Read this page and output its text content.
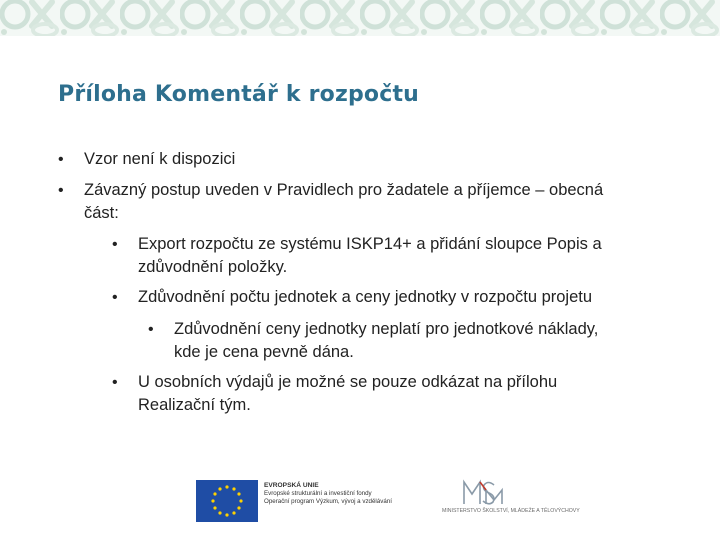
Příloha Komentář k rozpočtu
• Vzor není k dispozici
• Závazný postup uveden v Pravidlech pro žadatele a příjemce – obecná
část:
• Export rozpočtu ze systému ISKP14+ a přidání sloupce Popis a
zdůvodnění položky.
• Zdůvodnění počtu jednotek a ceny jednotky v rozpočtu projetu
• Zdůvodnění ceny jednotky neplatí pro jednotkové náklady,
kde je cena pevně dána.
• U osobních výdajů je možné se pouze odkázat na přílohu
Realizační tým.
EVROPSKÁ UNIE
Evropské strukturální a investiční fondy
Operační program Výzkum, vývoj a vzdělávání
MINISTERSTVO ŠKOLSTVÍ, MLÁDEŽE A TĚLOVÝCHOVY
